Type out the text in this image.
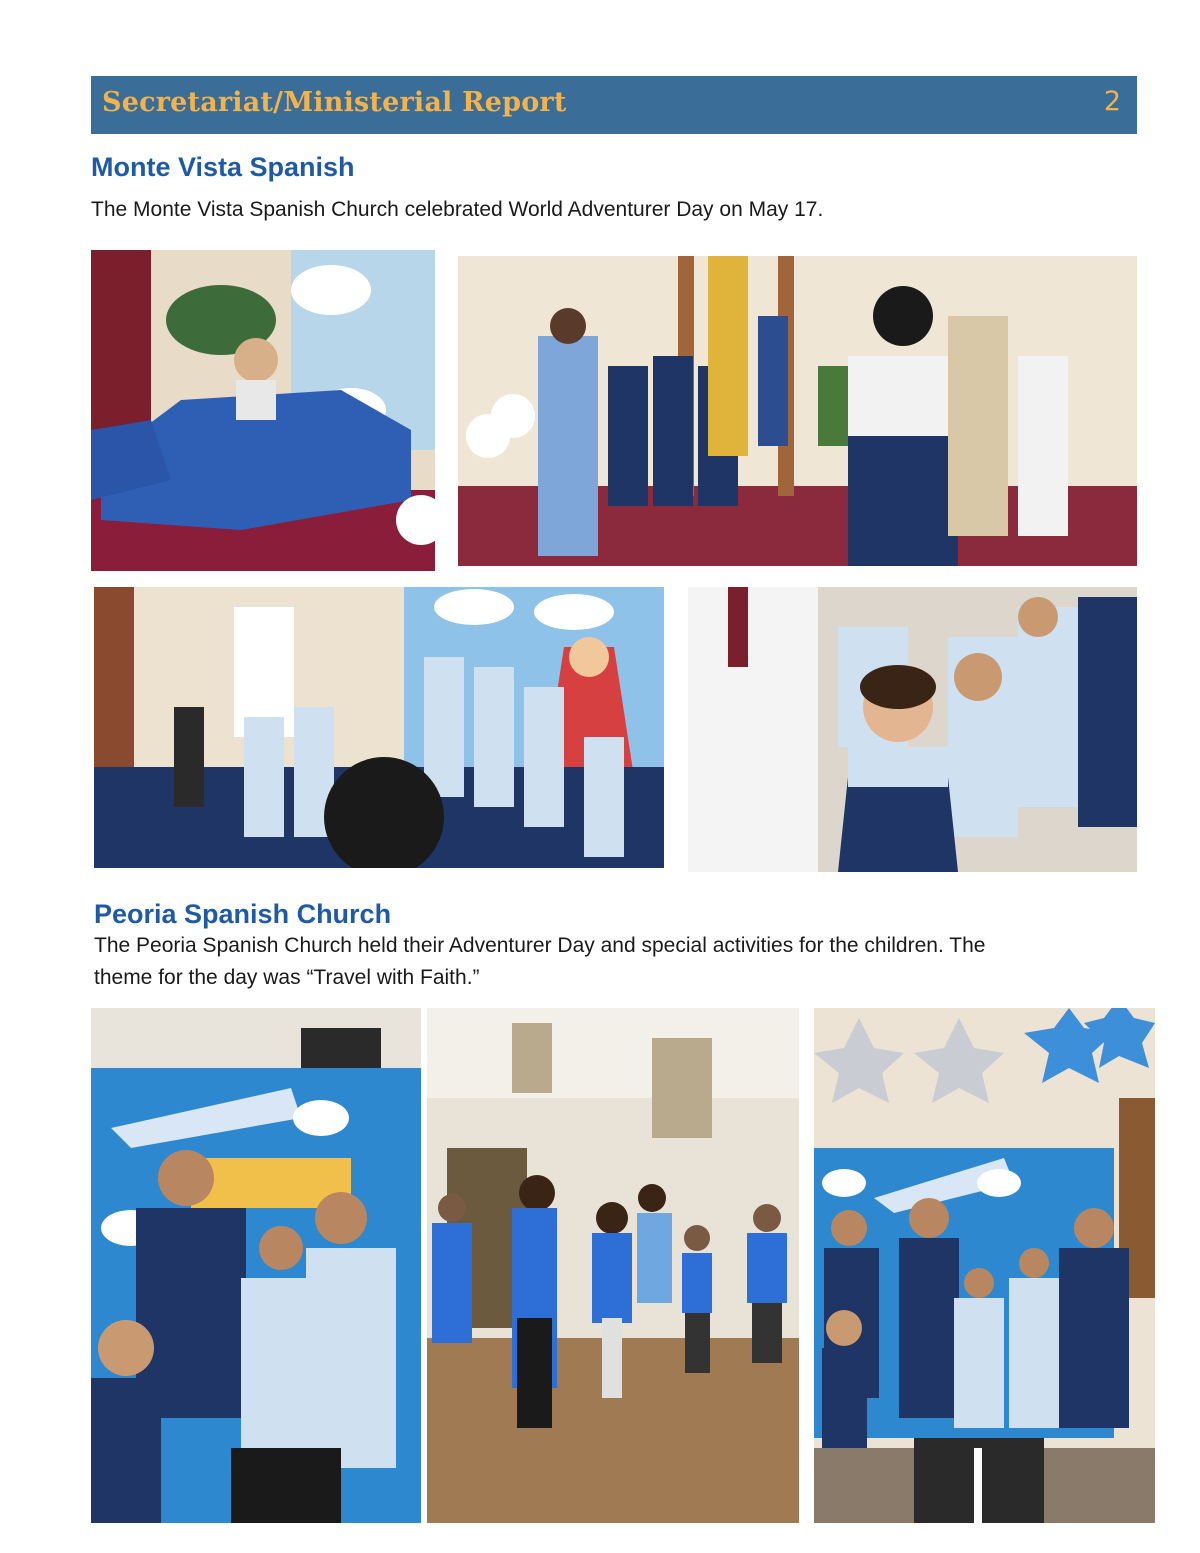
Secretariat/Ministerial Report	2
Monte Vista Spanish
The Monte Vista Spanish Church celebrated World Adventurer Day on May 17.
Peoria Spanish Church
The Peoria Spanish Church held their Adventurer Day and special activities for the children. The
theme for the day was “Travel with Faith.”
